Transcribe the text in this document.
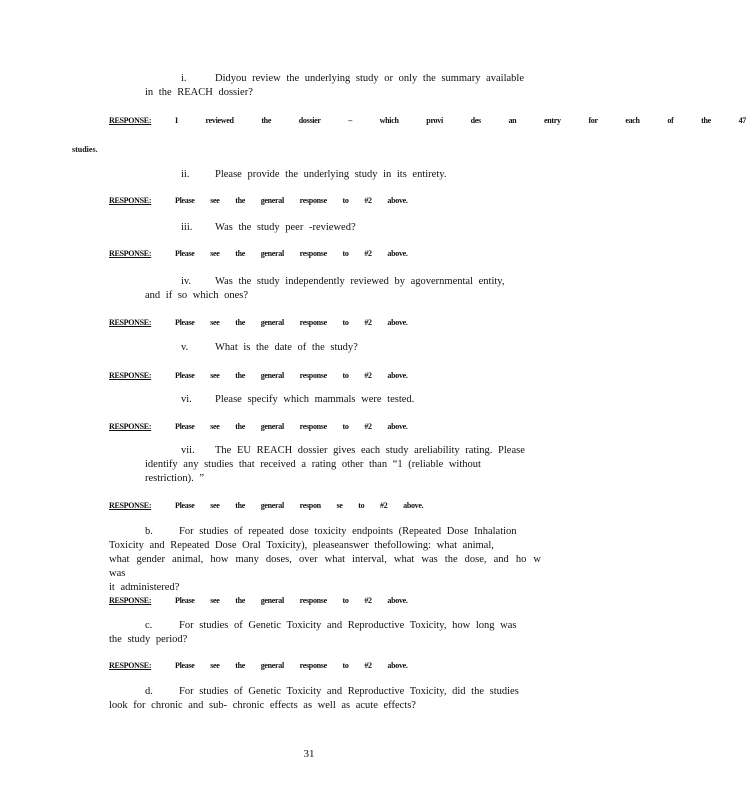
i.	Didyou review the underlying study or only the summary available
in the REACH dossier?
RESPONSE:	I reviewed the dossier – which provi des an entry for each of the 47
studies.
ii. Please provide the underlying study in its entirety.
RESPONSE:	Please see the general response to #2 above.
iii. Was the study peer -reviewed?
RESPONSE:	Please see the general response to #2 above.
iv. Was the study independently reviewed by agovernmental entity,
and if so which ones?
RESPONSE:	Please see the general response to #2 above.
v.	What is the date of the study?
RESPONSE:	Please see the general response to #2 above.
vi. Please specify which mammals were tested.
RESPONSE:	Please see the general response to #2 above.
vii. The EU REACH dossier gives each study areliability rating. Please
identify any studies that received a rating other than “1 (reliable without
restriction). ”
RESPONSE:	Please see the general respon se to #2 above.
b. For studies of repeated dose toxicity endpoints (Repeated Dose Inhalation
Toxicity and Repeated Dose Oral Toxicity), pleaseanswer thefollowing: what animal,
what gender animal, how many doses, over what interval, what was the dose, and ho w was
it administered?
RESPONSE:	Please see the general response to #2 above.
c.	For studies of Genetic Toxicity and Reproductive Toxicity, how long was
the study period?
RESPONSE:	Please see the general response to #2 above.
d. For studies of Genetic Toxicity and Reproductive Toxicity, did the studies
look for chronic and sub- chronic effects as well as acute effects?
31
